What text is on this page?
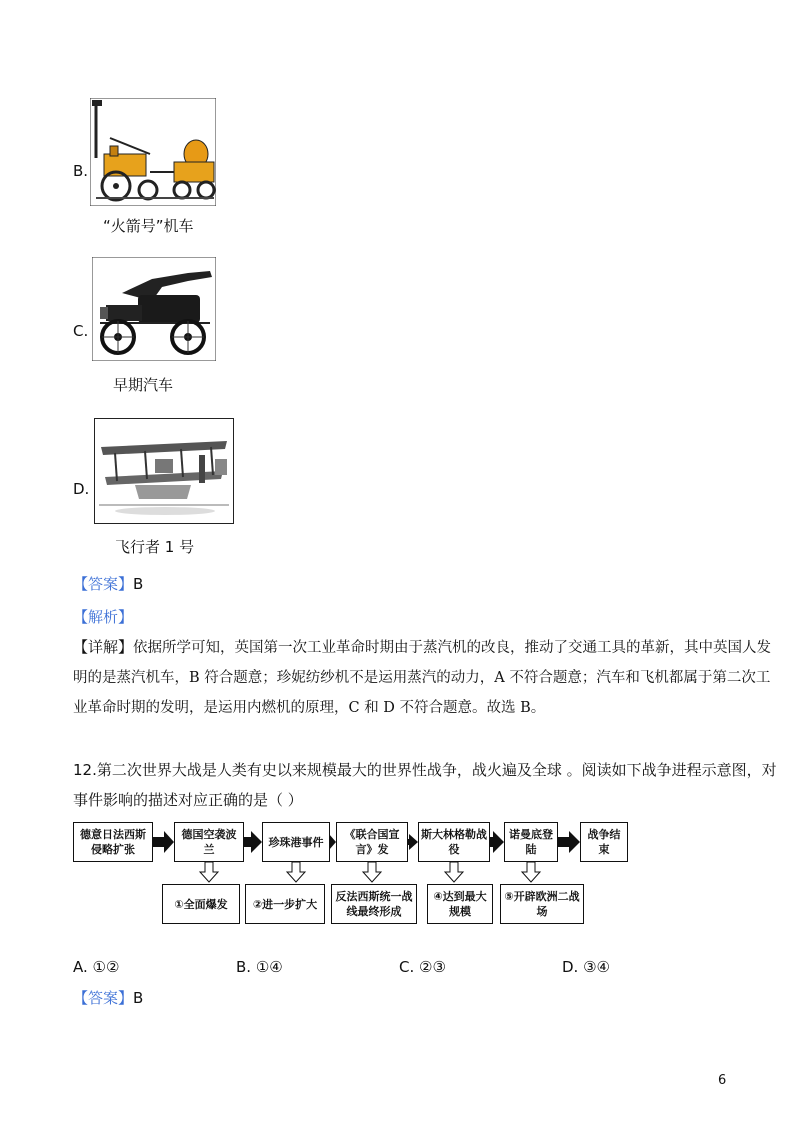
B.
“火箭号”机车
C.
早期汽车
D.
飞行者 1 号
【答案】B
【解析】
【详解】依据所学可知，英国第一次工业革命时期由于蒸汽机的改良，推动了交通工具的革新，其中英国人发
明的是蒸汽机车，B 符合题意；珍妮纺纱机不是运用蒸汽的动力，A 不符合题意；汽车和飞机都属于第二次工
业革命时期的发明，是运用内燃机的原理，C 和 D 不符合题意。故选 B。
12.第二次世界大战是人类有史以来规模最大的世界性战争，战火遍及全球 。阅读如下战争进程示意图，对
事件影响的描述对应正确的是（ ）
德意日法西斯侵略扩张
德国空袭波兰
珍珠港事件
《联合国宣言》发
斯大林格勒战役
诺曼底登陆
战争结束
①全面爆发	②进一步扩大
反法西斯统一战线最终形成
④达到最大规模
⑤开辟欧洲二战场
A. ①②	B. ①④	C. ②③	D. ③④
【答案】B
6
